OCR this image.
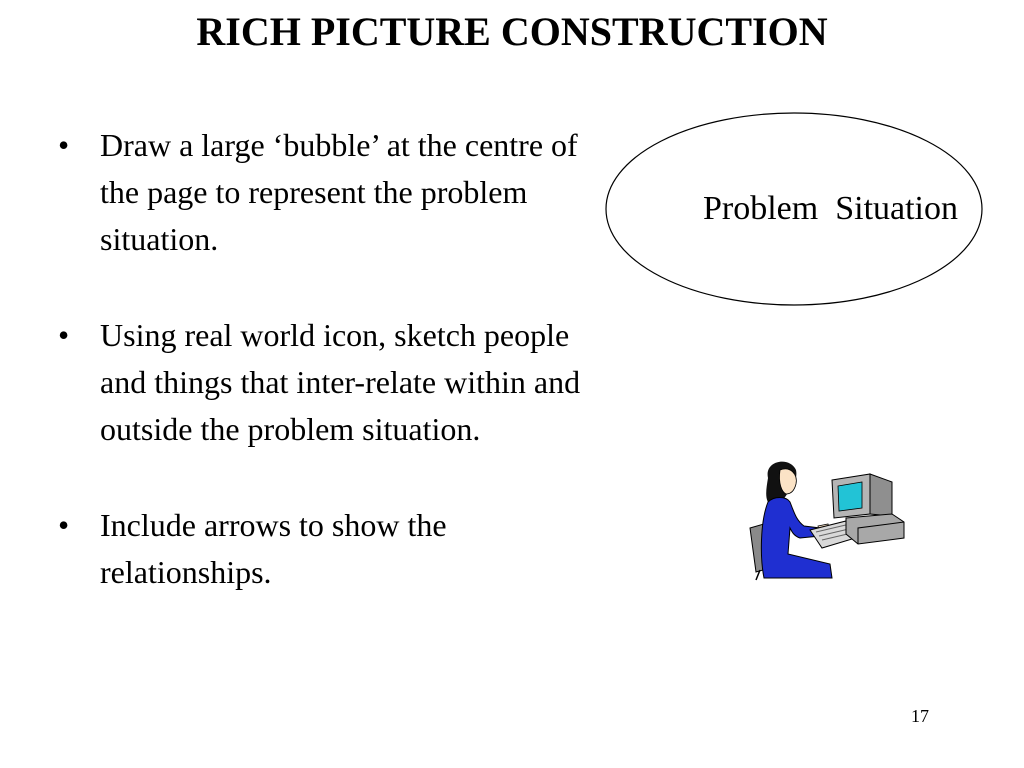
RICH PICTURE CONSTRUCTION
• Draw a large ‘bubble’ at the centre of the page to represent the problem situation.
• Using real world icon, sketch people and things that inter-relate within and outside the problem situation.
• Include arrows to show the relationships.
Problem  Situation
17
